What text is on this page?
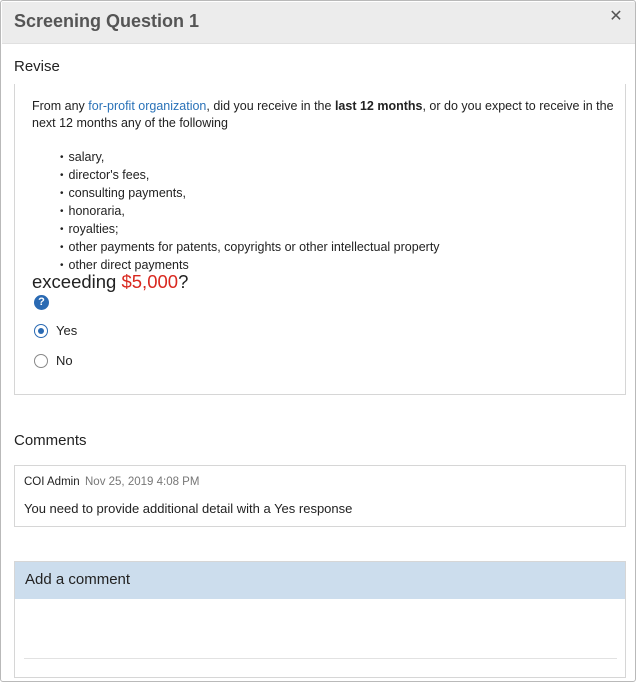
Screening Question 1	✕
Revise
From any for-profit organization, did you receive in the last 12 months, or do you expect to receive in the next 12 months any of the following
• salary,
• director's fees,
• consulting payments,
• honoraria,
• royalties;
• other payments for patents, copyrights or other intellectual property
• other direct payments
exceeding $5,000?
?
Yes
No
Comments
COI Admin Nov 25, 2019 4:08 PM
You need to provide additional detail with a Yes response
Add a comment
